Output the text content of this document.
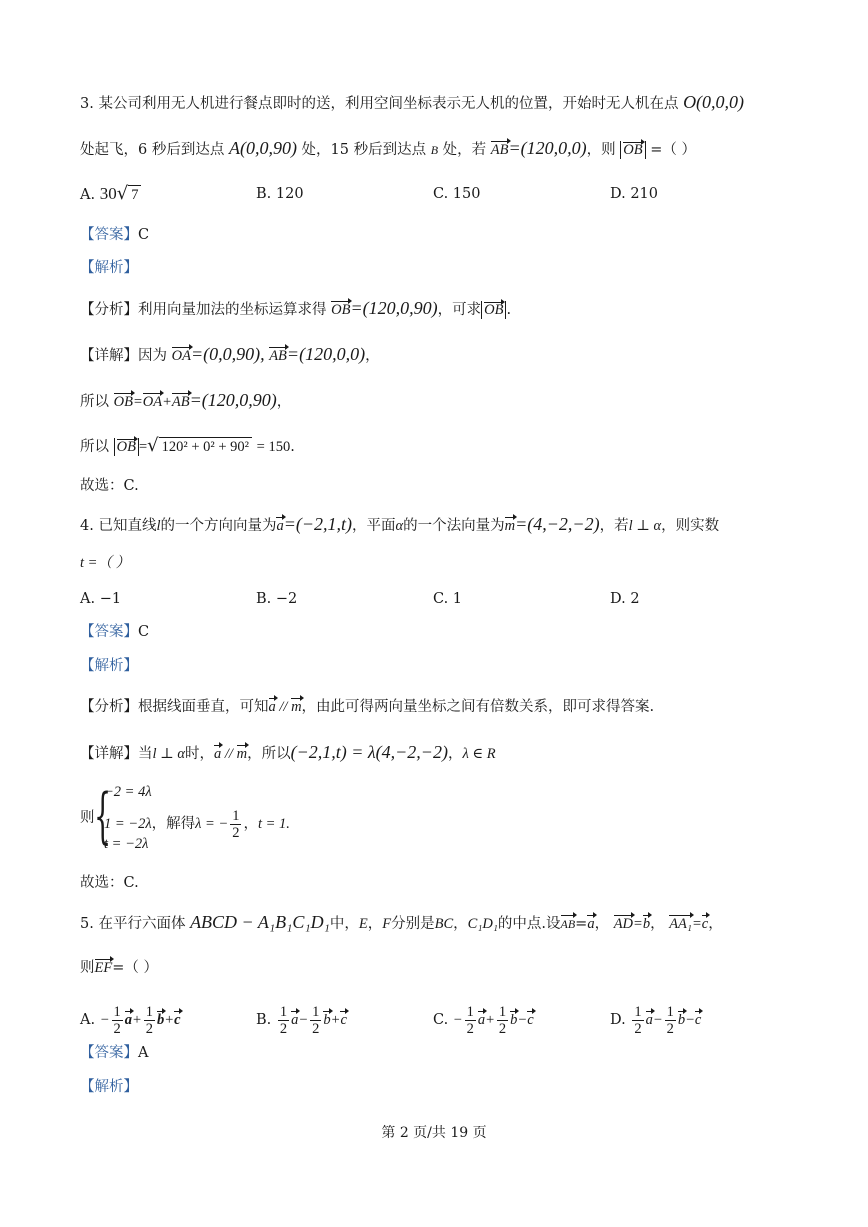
3. 某公司利用无人机进行餐点即时的送，利用空间坐标表示无人机的位置，开始时无人机在点 O(0,0,0)
处起飞，6 秒后到达点 A(0,0,90) 处，15 秒后到达点 B 处，若 AB=(120,0,0)，则 OB =（ ）
A. 30√ 7	B. 120	C. 150	D. 210
【答案】C
【解析】
【分析】利用向量加法的坐标运算求得 OB=(120,0,90)，可求 OB .
【详解】因为 OA=(0,0,90), AB=(120,0,0)，
所以 OB=OA+AB=(120,0,90)，
所以 OB =√ 120² + 0² + 90² = 150.
故选：C.
4. 已知直线l的一个方向向量为a=(−2,1,t)，平面α的一个法向量为m=(4,−2,−2)，若l ⊥ α，则实数
t =（ ）
A. −1	B. −2	C. 1	D. 2
【答案】C
【解析】
【分析】根据线面垂直，可知a // m，由此可得两向量坐标之间有倍数关系，即可求得答案.
【详解】当l ⊥ α时，a // m，所以(−2,1,t) = λ(4,−2,−2)，λ ∈ R
则 {
−2 = 4λ
1 = −2λ，解得λ = − $\frac{1}{2}$ ，t = 1.
t = −2λ
故选：C.
5. 在平行六面体 ABCD − A₁B₁C₁D₁中，E，F分别是BC，C₁D₁的中点.设AB=a， AD=b， AA₁=c，
则EF=（ ）
A. − $\frac{1}{2} a+ \frac{1}{2} b+c$	B. $\frac{1}{2} a- \frac{1}{2} b+c$	C. − $\frac{1}{2} a+ \frac{1}{2} b-c$	D. $\frac{1}{2} a- \frac{1}{2} b-c$
【答案】A
【解析】
第 2 页/共 19 页
